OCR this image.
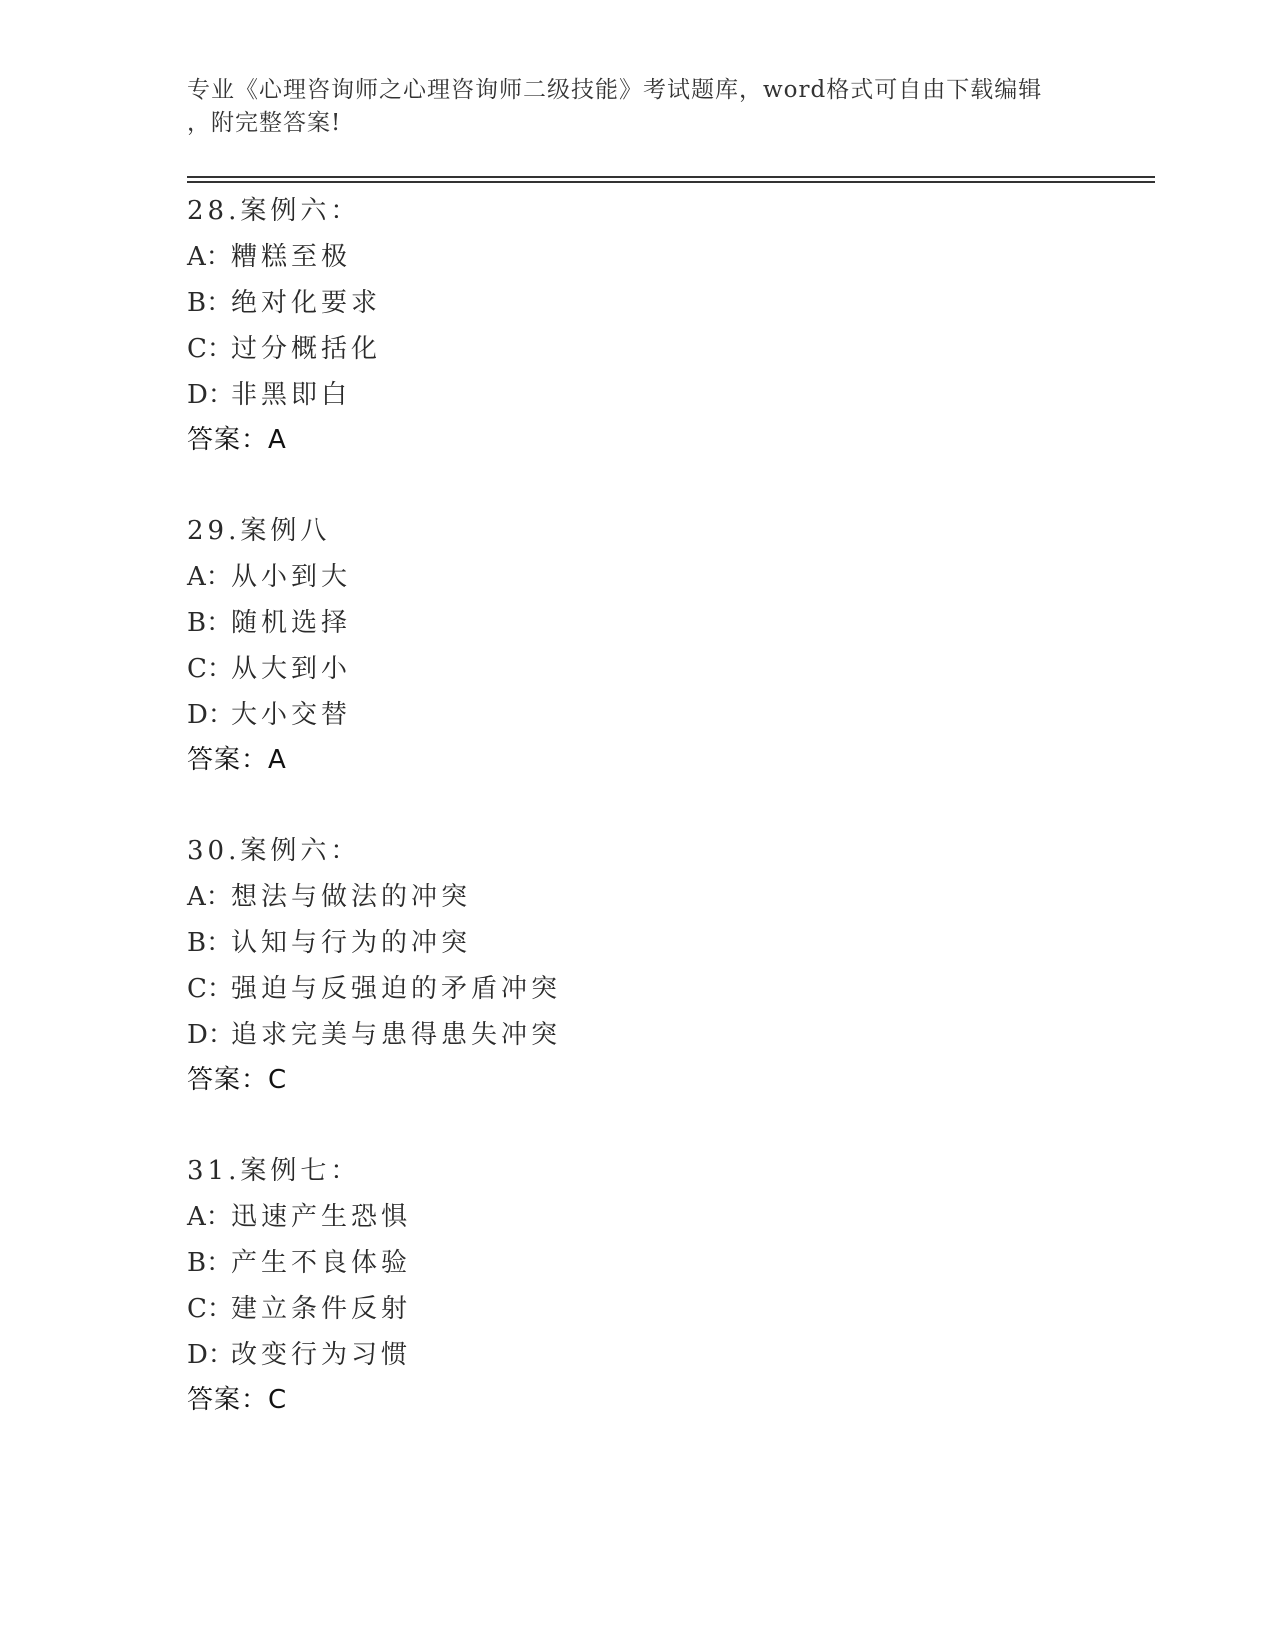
专业《心理咨询师之心理咨询师二级技能》考试题库，word格式可自由下载编辑
，附完整答案!
28.案例六：
A：糟糕至极
B：绝对化要求
C：过分概括化
D：非黑即白
答案：A
29.案例八
A：从小到大
B：随机选择
C：从大到小
D：大小交替
答案：A
30.案例六：
A：想法与做法的冲突
B：认知与行为的冲突
C：强迫与反强迫的矛盾冲突
D：追求完美与患得患失冲突
答案：C
31.案例七：
A：迅速产生恐惧
B：产生不良体验
C：建立条件反射
D：改变行为习惯
答案：C
